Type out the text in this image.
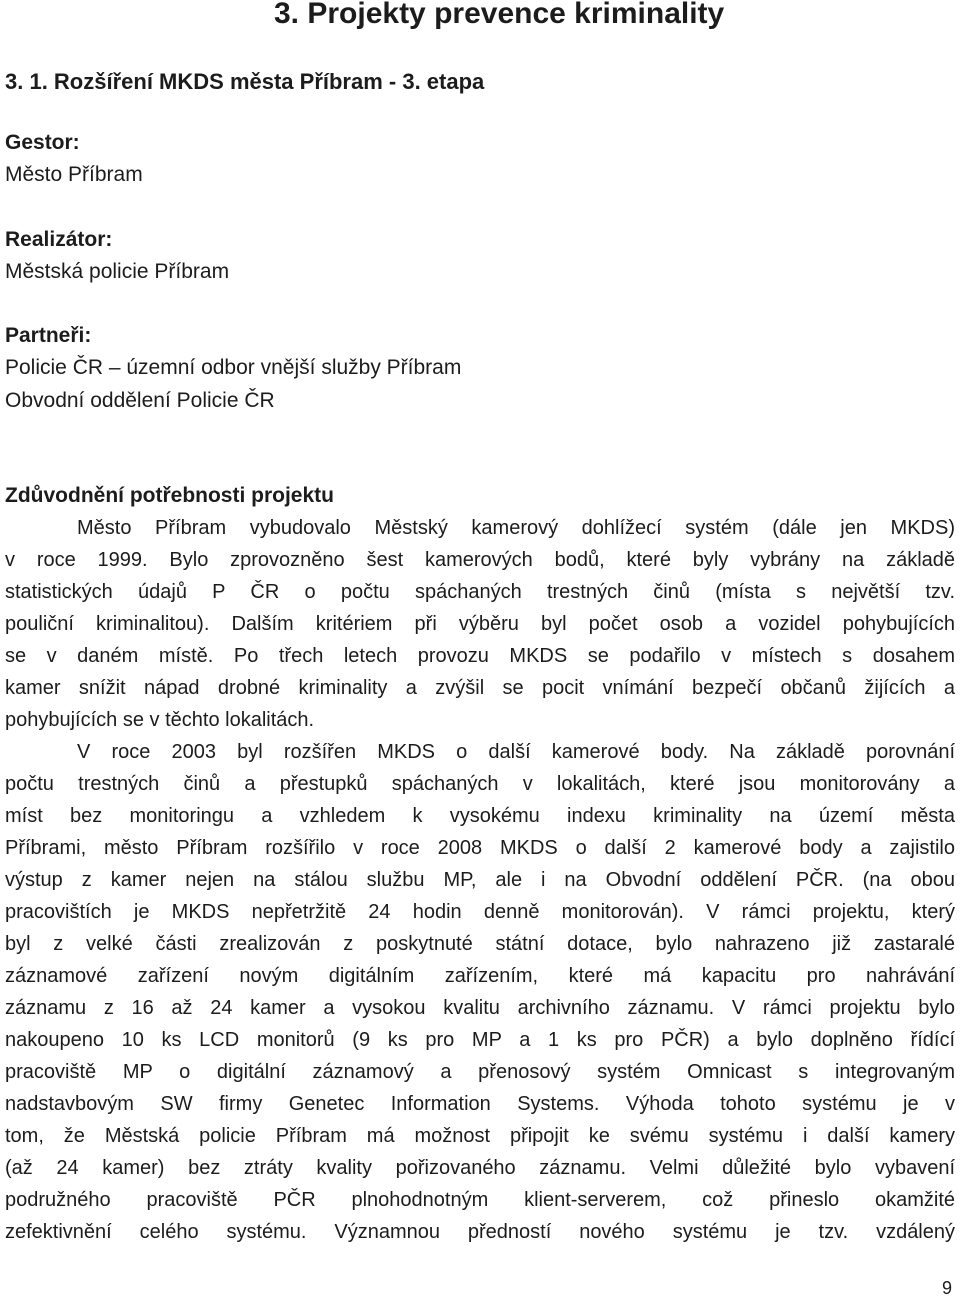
3. Projekty prevence kriminality
3. 1. Rozšíření MKDS města Příbram - 3. etapa
Gestor:
Město Příbram
Realizátor:
Městská policie Příbram
Partneři:
Policie ČR – územní odbor vnější služby Příbram
Obvodní oddělení Policie ČR
Zdůvodnění potřebnosti projektu
Město Příbram vybudovalo Městský kamerový dohlížecí systém (dále jen MKDS)
v roce 1999. Bylo zprovozněno šest kamerových bodů, které byly vybrány na základě
statistických údajů P ČR o počtu spáchaných trestných činů (místa s největší tzv.
pouliční kriminalitou). Dalším kritériem při výběru byl počet osob a vozidel pohybujících
se v daném místě. Po třech letech provozu MKDS se podařilo v místech s dosahem
kamer snížit nápad drobné kriminality a zvýšil se pocit vnímání bezpečí občanů žijících a
pohybujících se v těchto lokalitách.
V roce 2003 byl rozšířen MKDS o další kamerové body. Na základě porovnání
počtu trestných činů a přestupků spáchaných v lokalitách, které jsou monitorovány a
míst bez monitoringu a vzhledem k vysokému indexu kriminality na území města
Příbrami, město Příbram rozšířilo v roce 2008 MKDS o další 2 kamerové body a zajistilo
výstup z kamer nejen na stálou službu MP, ale i na Obvodní oddělení PČR. (na obou
pracovištích je MKDS nepřetržitě 24 hodin denně monitorován). V rámci projektu, který
byl z velké části zrealizován z poskytnuté státní dotace, bylo nahrazeno již zastaralé
záznamové zařízení novým digitálním zařízením, které má kapacitu pro nahrávání
záznamu z 16 až 24 kamer a vysokou kvalitu archivního záznamu. V rámci projektu bylo
nakoupeno 10 ks LCD monitorů (9 ks pro MP a 1 ks pro PČR) a bylo doplněno řídící
pracoviště MP o digitální záznamový a přenosový systém Omnicast s integrovaným
nadstavbovým SW firmy Genetec Information Systems. Výhoda tohoto systému je v
tom, že Městská policie Příbram má možnost připojit ke svému systému i další kamery
(až 24 kamer) bez ztráty kvality pořizovaného záznamu. Velmi důležité bylo vybavení
podružného pracoviště PČR plnohodnotným klient-serverem, což přineslo okamžité
zefektivnění celého systému. Významnou předností nového systému je tzv. vzdálený
9
